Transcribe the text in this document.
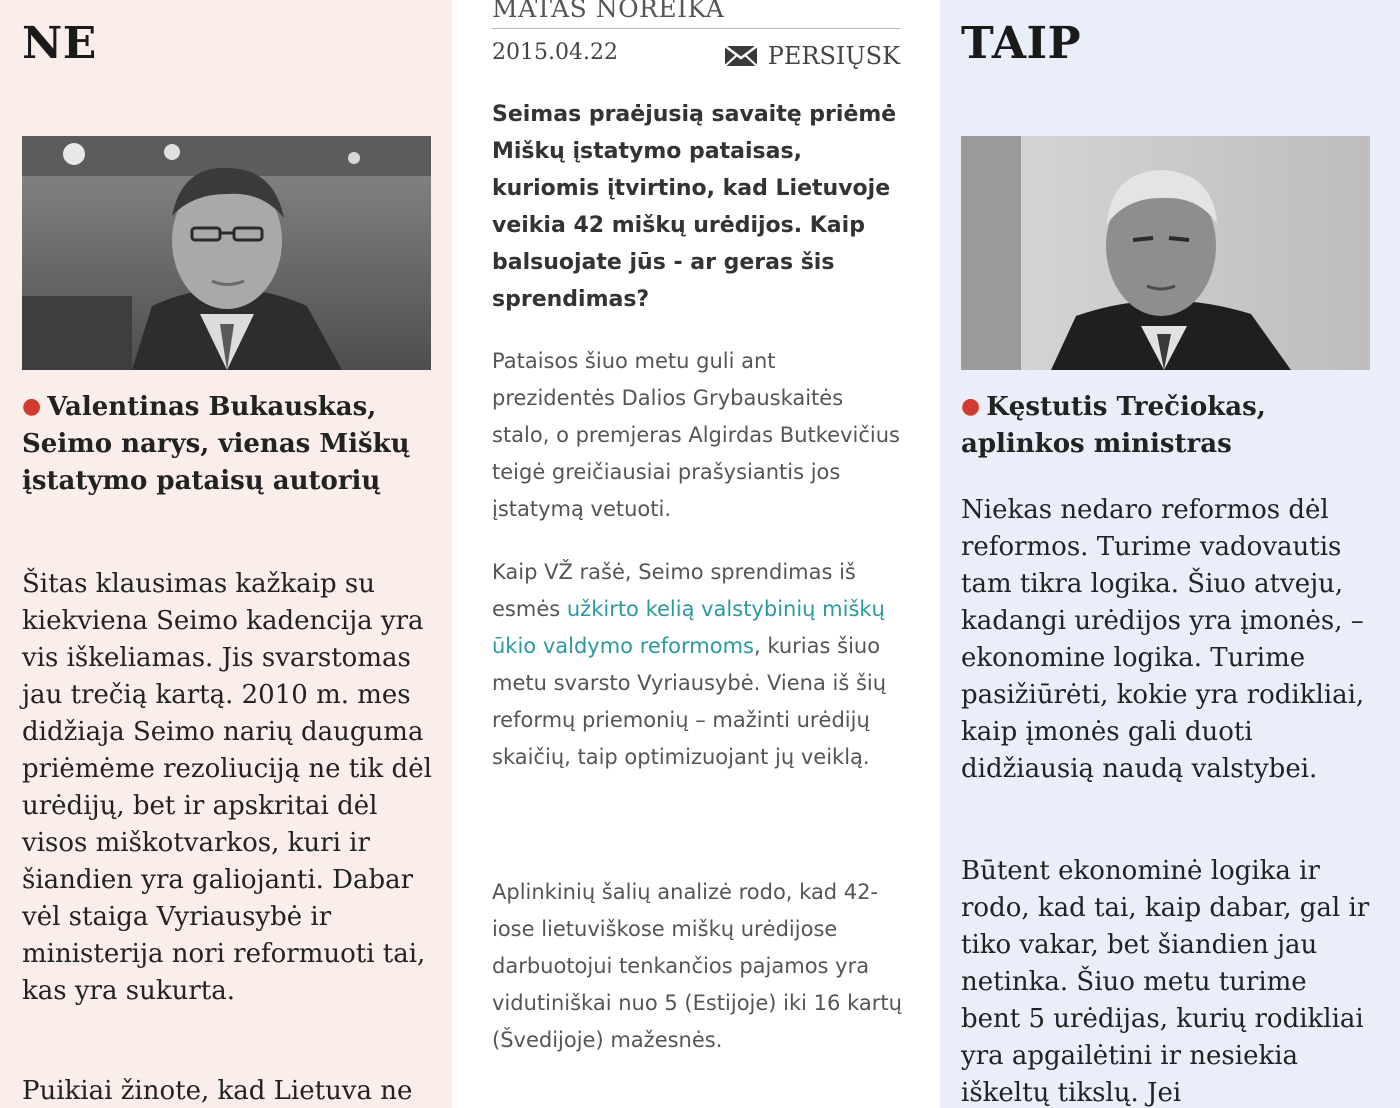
NE

● Valentinas Bukauskas, Seimo narys, vienas Miškų įstatymo pataisų autorių

Šitas klausimas kažkaip su kiekviena Seimo kadencija yra vis iškeliamas. Jis svarstomas jau trečią kartą. 2010 m. mes didžiaja Seimo narių dauguma priėmėme rezoliuciją ne tik dėl urėdijų, bet ir apskritai dėl visos miškotvarkos, kuri ir šiandien yra galiojanti. Dabar vėl staiga Vyriausybė ir ministerija nori reformuoti tai, kas yra sukurta.

Puikiai žinote, kad Lietuva ne

MATAS NOREIKA

2015.04.22	PERSIŲSK

Seimas praėjusią savaitę priėmė Miškų įstatymo pataisas, kuriomis įtvirtino, kad Lietuvoje veikia 42 miškų urėdijos. Kaip balsuojate jūs - ar geras šis sprendimas?

Pataisos šiuo metu guli ant prezidentės Dalios Grybauskaitės stalo, o premjeras Algirdas Butkevičius teigė greičiausiai prašysiantis jos įstatymą vetuoti.

Kaip VŽ rašė, Seimo sprendimas iš esmės užkirto kelią valstybinių miškų ūkio valdymo reformoms, kurias šiuo metu svarsto Vyriausybė. Viena iš šių reformų priemonių – mažinti urėdijų skaičių, taip optimizuojant jų veiklą.

Aplinkinių šalių analizė rodo, kad 42-iose lietuviškose miškų urėdijose darbuotojui tenkančios pajamos yra vidutiniškai nuo 5 (Estijoje) iki 16 kartų (Švedijoje) mažesnės.

TAIP

● Kęstutis Trečiokas, aplinkos ministras

Niekas nedaro reformos dėl reformos. Turime vadovautis tam tikra logika. Šiuo atveju, kadangi urėdijos yra įmonės, – ekonomine logika. Turime pasižiūrėti, kokie yra rodikliai, kaip įmonės gali duoti didžiausią naudą valstybei.

Būtent ekonominė logika ir rodo, kad tai, kaip dabar, gal ir tiko vakar, bet šiandien jau netinka. Šiuo metu turime bent 5 urėdijas, kurių rodikliai yra apgailėtini ir nesiekia iškeltų tikslų. Jei
